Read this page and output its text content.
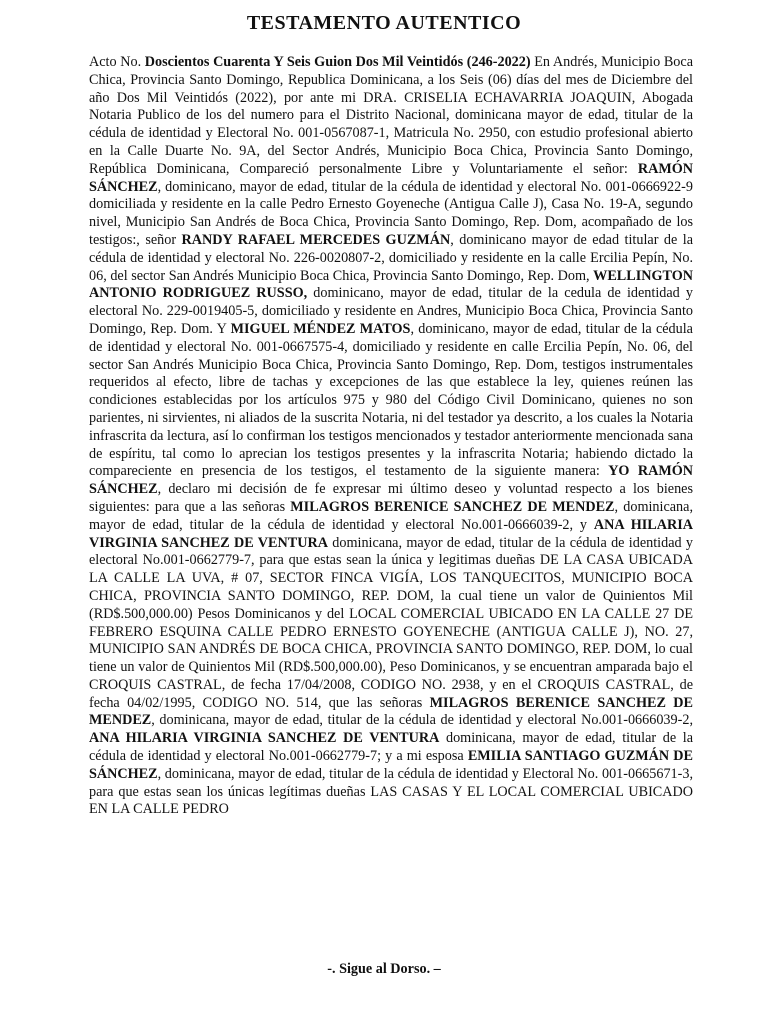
TESTAMENTO AUTENTICO
Acto No. Doscientos Cuarenta Y Seis Guion Dos Mil Veintidós (246-2022) En Andrés, Municipio Boca Chica, Provincia Santo Domingo, Republica Dominicana, a los Seis (06) días del mes de Diciembre del año Dos Mil Veintidós (2022), por ante mi DRA. CRISELIA ECHAVARRIA JOAQUIN, Abogada Notaria Publico de los del numero para el Distrito Nacional, dominicana mayor de edad, titular de la cédula de identidad y Electoral No. 001-0567087-1, Matricula No. 2950, con estudio profesional abierto en la Calle Duarte No. 9A, del Sector Andrés, Municipio Boca Chica, Provincia Santo Domingo, República Dominicana, Compareció personalmente Libre y Voluntariamente el señor: RAMÓN SÁNCHEZ, dominicano, mayor de edad, titular de la cédula de identidad y electoral No. 001-0666922-9 domiciliada y residente en la calle Pedro Ernesto Goyeneche (Antigua Calle J), Casa No. 19-A, segundo nivel, Municipio San Andrés de Boca Chica, Provincia Santo Domingo, Rep. Dom, acompañado de los testigos:, señor RANDY RAFAEL MERCEDES GUZMÁN, dominicano mayor de edad titular de la cédula de identidad y electoral No. 226-0020807-2, domiciliado y residente en la calle Ercilia Pepín, No. 06, del sector San Andrés Municipio Boca Chica, Provincia Santo Domingo, Rep. Dom, WELLINGTON ANTONIO RODRIGUEZ RUSSO, dominicano, mayor de edad, titular de la cedula de identidad y electoral No. 229-0019405-5, domiciliado y residente en Andres, Municipio Boca Chica, Provincia Santo Domingo, Rep. Dom. Y MIGUEL MÉNDEZ MATOS, dominicano, mayor de edad, titular de la cédula de identidad y electoral No. 001-0667575-4, domiciliado y residente en calle Ercilia Pepín, No. 06, del sector San Andrés Municipio Boca Chica, Provincia Santo Domingo, Rep. Dom, testigos instrumentales requeridos al efecto, libre de tachas y excepciones de las que establece la ley, quienes reúnen las condiciones establecidas por los artículos 975 y 980 del Código Civil Dominicano, quienes no son parientes, ni sirvientes, ni aliados de la suscrita Notaria, ni del testador ya descrito, a los cuales la Notaria infrascrita da lectura, así lo confirman los testigos mencionados y testador anteriormente mencionada sana de espíritu, tal como lo aprecian los testigos presentes y la infrascrita Notaria; habiendo dictado la compareciente en presencia de los testigos, el testamento de la siguiente manera: YO RAMÓN SÁNCHEZ, declaro mi decisión de fe expresar mi último deseo y voluntad respecto a los bienes siguientes: para que a las señoras MILAGROS BERENICE SANCHEZ DE MENDEZ, dominicana, mayor de edad, titular de la cédula de identidad y electoral No.001-0666039-2, y ANA HILARIA VIRGINIA SANCHEZ DE VENTURA dominicana, mayor de edad, titular de la cédula de identidad y electoral No.001-0662779-7, para que estas sean la única y legitimas dueñas DE LA CASA UBICADA LA CALLE LA UVA, # 07, SECTOR FINCA VIGÍA, LOS TANQUECITOS, MUNICIPIO BOCA CHICA, PROVINCIA SANTO DOMINGO, REP. DOM, la cual tiene un valor de Quinientos Mil (RD$.500,000.00) Pesos Dominicanos y del LOCAL COMERCIAL UBICADO EN LA CALLE 27 DE FEBRERO ESQUINA CALLE PEDRO ERNESTO GOYENECHE (ANTIGUA CALLE J), NO. 27, MUNICIPIO SAN ANDRÉS DE BOCA CHICA, PROVINCIA SANTO DOMINGO, REP. DOM, lo cual tiene un valor de Quinientos Mil (RD$.500,000.00), Peso Dominicanos, y se encuentran amparada bajo el CROQUIS CASTRAL, de fecha 17/04/2008, CODIGO NO. 2938, y en el CROQUIS CASTRAL, de fecha 04/02/1995, CODIGO NO. 514, que las señoras MILAGROS BERENICE SANCHEZ DE MENDEZ, dominicana, mayor de edad, titular de la cédula de identidad y electoral No.001-0666039-2, ANA HILARIA VIRGINIA SANCHEZ DE VENTURA dominicana, mayor de edad, titular de la cédula de identidad y electoral No.001-0662779-7; y a mi esposa EMILIA SANTIAGO GUZMÁN DE SÁNCHEZ, dominicana, mayor de edad, titular de la cédula de identidad y Electoral No. 001-0665671-3, para que estas sean los únicas legítimas dueñas LAS CASAS Y EL LOCAL COMERCIAL UBICADO EN LA CALLE PEDRO
-. Sigue al Dorso. –
